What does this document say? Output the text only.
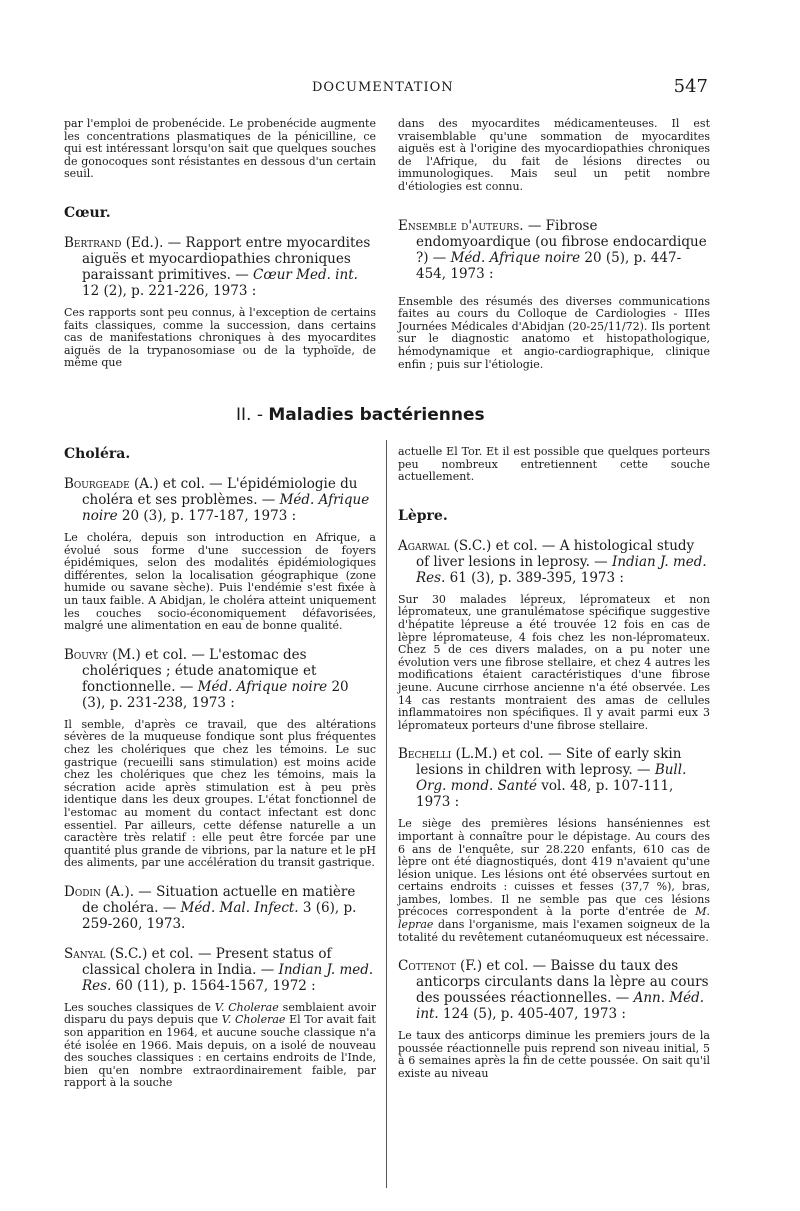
DOCUMENTATION	547

par l'emploi de probenécide. Le probenécide augmente les concentrations plasmatiques de la pénicilline, ce qui est intéressant lorsqu'on sait que quelques souches de gonocoques sont résistantes en dessous d'un certain seuil.

Cœur.

Bertrand (Ed.). — Rapport entre myocardites aiguës et myocardiopathies chroniques paraissant primitives. — Cœur Med. int. 12 (2), p. 221-226, 1973 :

Ces rapports sont peu connus, à l'exception de certains faits classiques, comme la succession, dans certains cas de manifestations chroniques à des myocardites aiguës de la trypanosomiase ou de la typhoïde, de même que

dans des myocardites médicamenteuses. Il est vraisemblable qu'une sommation de myocardites aiguës est à l'origine des myocardiopathies chroniques de l'Afrique, du fait de lésions directes ou immunologiques. Mais seul un petit nombre d'étiologies est connu.

Ensemble d'auteurs. — Fibrose endomyoardique (ou fibrose endocardique ?) — Méd. Afrique noire 20 (5), p. 447-454, 1973 :

Ensemble des résumés des diverses communications faites au cours du Colloque de Cardiologies - IIIes Journées Médicales d'Abidjan (20-25/11/72). Ils portent sur le diagnostic anatomo et histopathologique, hémodynamique et angio-cardiographique, clinique enfin ; puis sur l'étiologie.

II. - Maladies bactériennes

Choléra.

Bourgeade (A.) et col. — L'épidémiologie du choléra et ses problèmes. — Méd. Afrique noire 20 (3), p. 177-187, 1973 :

Le choléra, depuis son introduction en Afrique, a évolué sous forme d'une succession de foyers épidémiques, selon des modalités épidémiologiques différentes, selon la localisation géographique (zone humide ou savane sèche). Puis l'endémie s'est fixée à un taux faible. A Abidjan, le choléra atteint uniquement les couches socio-économiquement défavorisées, malgré une alimentation en eau de bonne qualité.

Bouvry (M.) et col. — L'estomac des cholériques ; étude anatomique et fonctionnelle. — Méd. Afrique noire 20 (3), p. 231-238, 1973 :

Il semble, d'après ce travail, que des altérations sévères de la muqueuse fondique sont plus fréquentes chez les cholériques que chez les témoins. Le suc gastrique (recueilli sans stimulation) est moins acide chez les cholériques que chez les témoins, mais la sécration acide après stimulation est à peu près identique dans les deux groupes. L'état fonctionnel de l'estomac au moment du contact infectant est donc essentiel. Par ailleurs, cette défense naturelle a un caractère très relatif : elle peut être forcée par une quantité plus grande de vibrions, par la nature et le pH des aliments, par une accélération du transit gastrique.

Dodin (A.). — Situation actuelle en matière de choléra. — Méd. Mal. Infect. 3 (6), p. 259-260, 1973.

Sanyal (S.C.) et col. — Present status of classical cholera in India. — Indian J. med. Res. 60 (11), p. 1564-1567, 1972 :

Les souches classiques de V. Cholerae semblaient avoir disparu du pays depuis que V. Cholerae El Tor avait fait son apparition en 1964, et aucune souche classique n'a été isolée en 1966. Mais depuis, on a isolé de nouveau des souches classiques : en certains endroits de l'Inde, bien qu'en nombre extraordinairement faible, par rapport à la souche

actuelle El Tor. Et il est possible que quelques porteurs peu nombreux entretiennent cette souche actuellement.

Lèpre.

Agarwal (S.C.) et col. — A histological study of liver lesions in leprosy. — Indian J. med. Res. 61 (3), p. 389-395, 1973 :

Sur 30 malades lépreux, lépromateux et non lépromateux, une granulématose spécifique suggestive d'hépatite lépreuse a été trouvée 12 fois en cas de lèpre lépromateuse, 4 fois chez les non-lépromateux. Chez 5 de ces divers malades, on a pu noter une évolution vers une fibrose stellaire, et chez 4 autres les modifications étaient caractéristiques d'une fibrose jeune. Aucune cirrhose ancienne n'a été observée. Les 14 cas restants montraient des amas de cellules inflammatoires non spécifiques. Il y avait parmi eux 3 lépromateux porteurs d'une fibrose stellaire.

Bechelli (L.M.) et col. — Site of early skin lesions in children with leprosy. — Bull. Org. mond. Santé vol. 48, p. 107-111, 1973 :

Le siège des premières lésions hanséniennes est important à connaître pour le dépistage. Au cours des 6 ans de l'enquête, sur 28.220 enfants, 610 cas de lèpre ont été diagnostiqués, dont 419 n'avaient qu'une lésion unique. Les lésions ont été observées surtout en certains endroits : cuisses et fesses (37,7 %), bras, jambes, lombes. Il ne semble pas que ces lésions précoces correspondent à la porte d'entrée de M. leprae dans l'organisme, mais l'examen soigneux de la totalité du revêtement cutanéomuqueux est nécessaire.

Cottenot (F.) et col. — Baisse du taux des anticorps circulants dans la lèpre au cours des poussées réactionnelles. — Ann. Méd. int. 124 (5), p. 405-407, 1973 :

Le taux des anticorps diminue les premiers jours de la poussée réactionnelle puis reprend son niveau initial, 5 à 6 semaines après la fin de cette poussée. On sait qu'il existe au niveau
